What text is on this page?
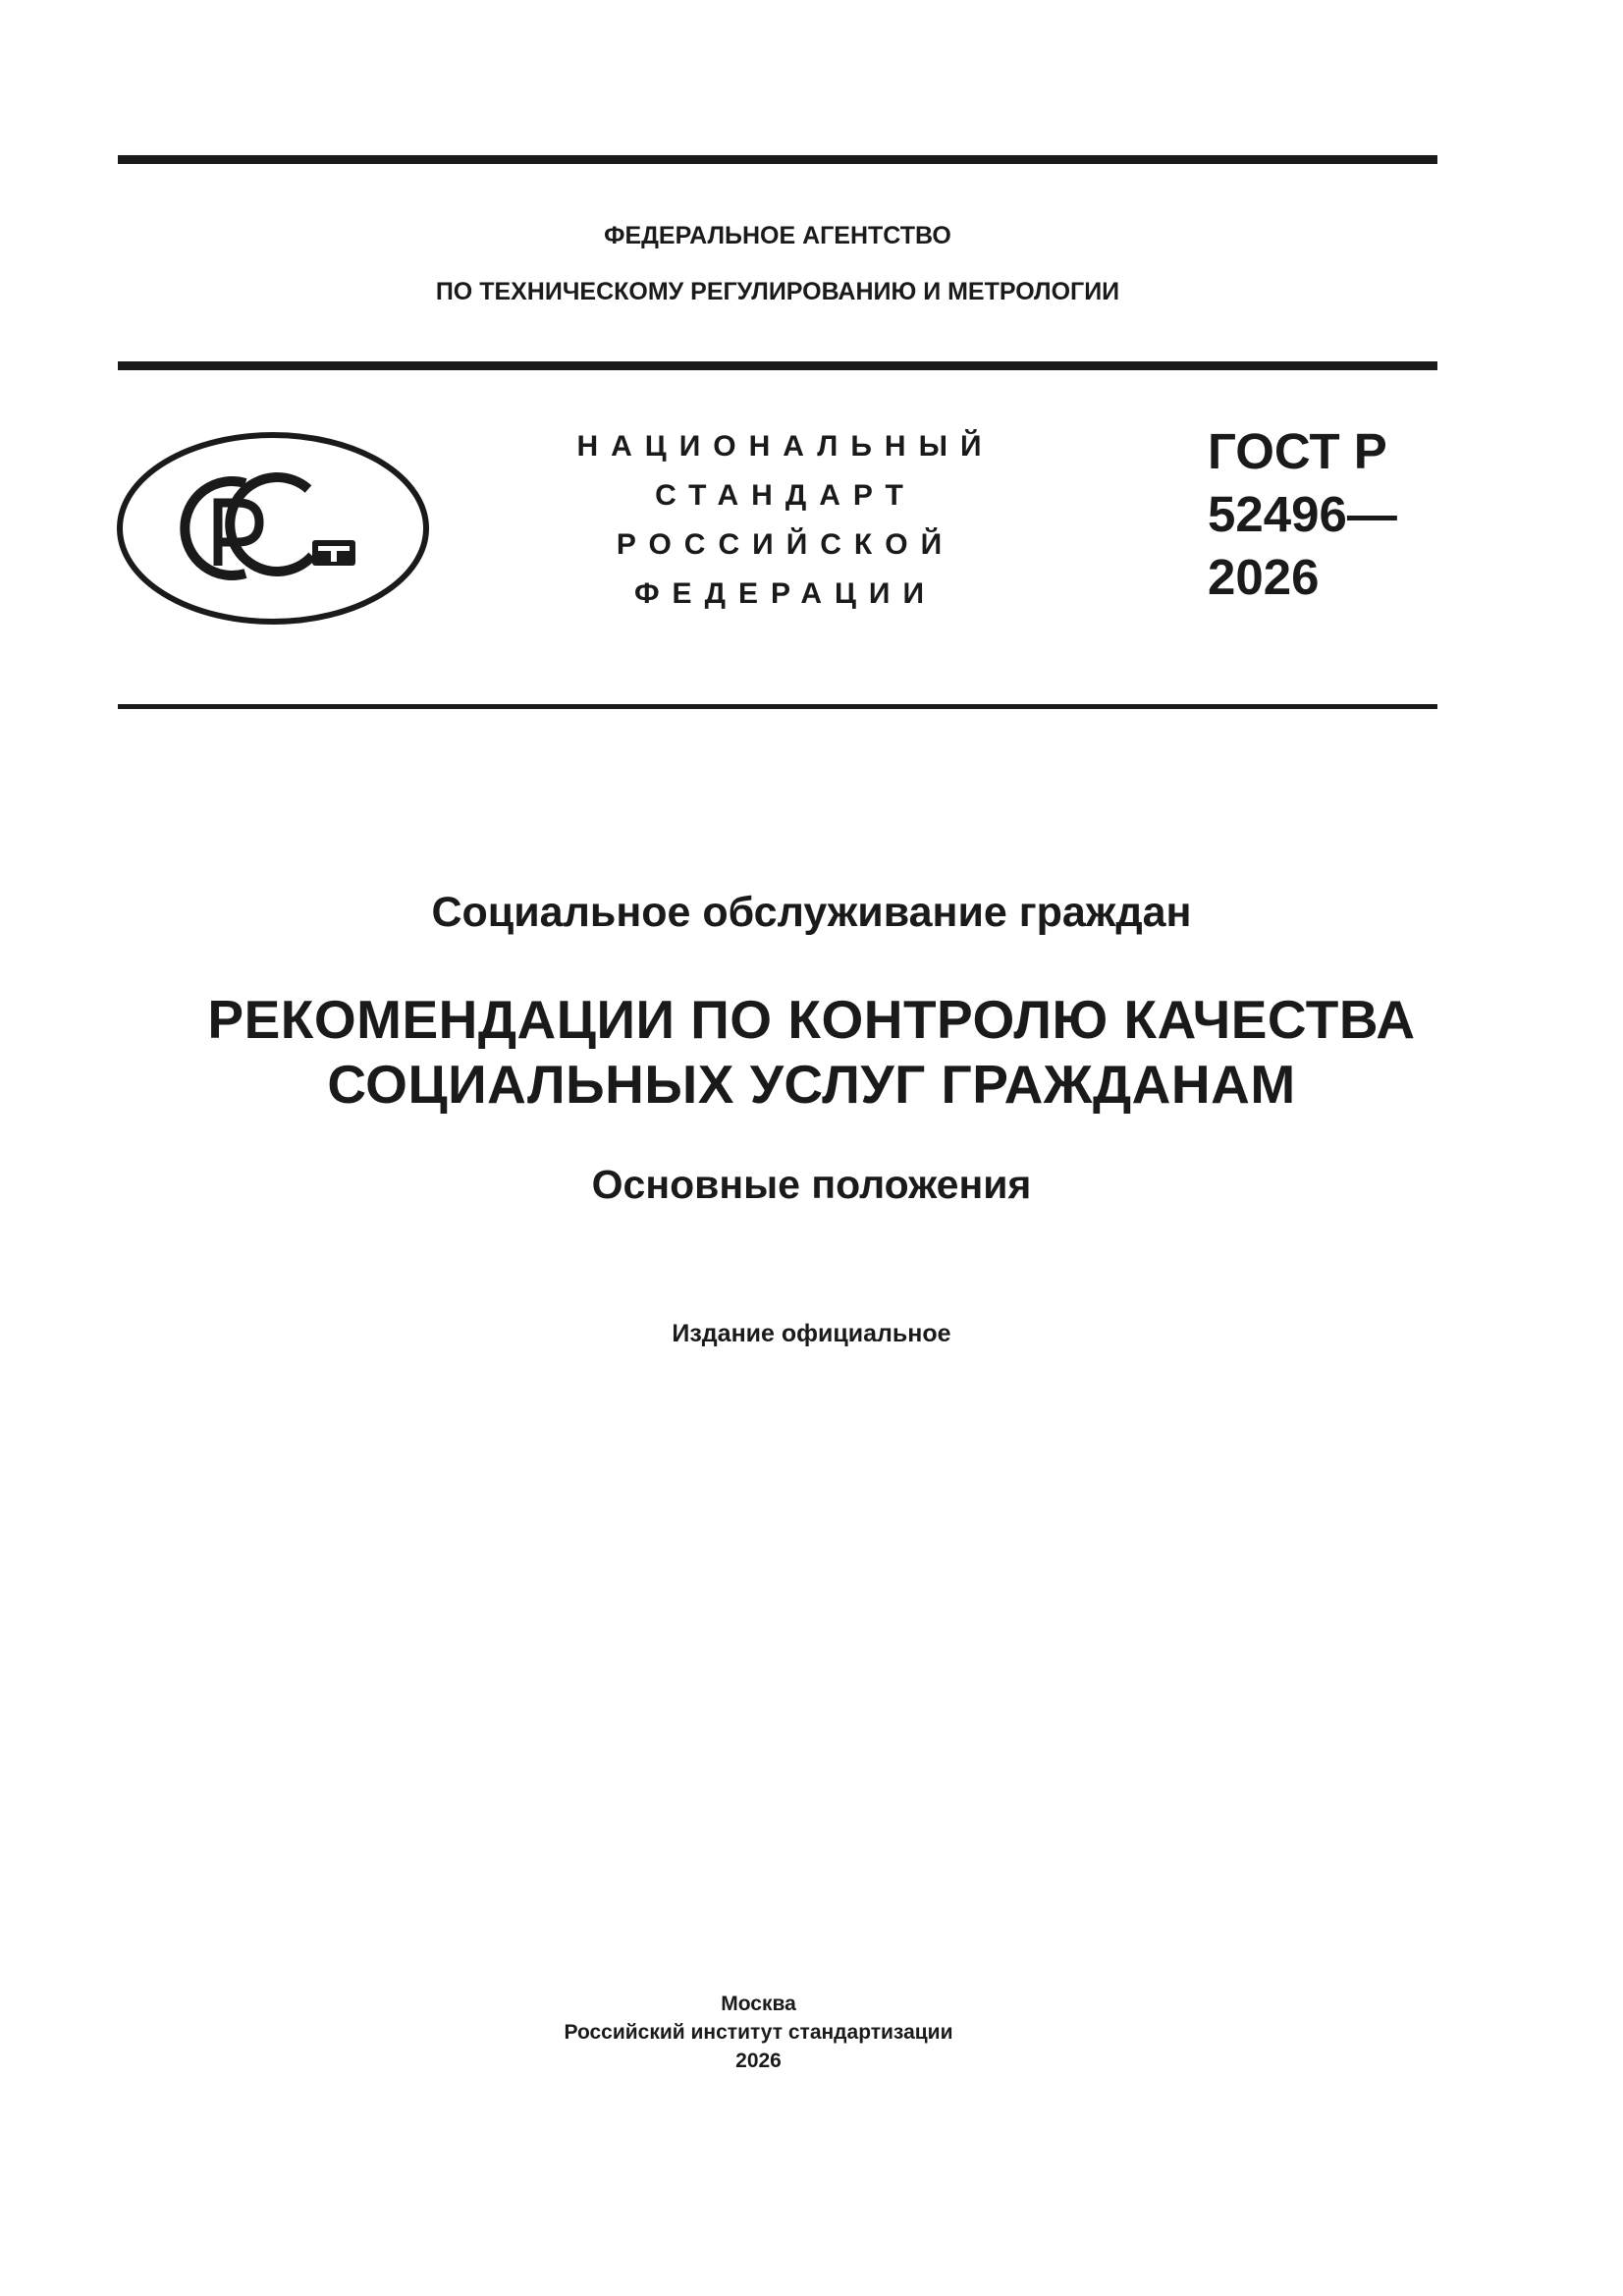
ФЕДЕРАЛЬНОЕ АГЕНТСТВО
ПО ТЕХНИЧЕСКОМУ РЕГУЛИРОВАНИЮ И МЕТРОЛОГИИ
НАЦИОНАЛЬНЫЙ
СТАНДАРТ
РОССИЙСКОЙ
ФЕДЕРАЦИИ
ГОСТ Р
52496—
2026
Социальное обслуживание граждан
РЕКОМЕНДАЦИИ ПО КОНТРОЛЮ КАЧЕСТВА
СОЦИАЛЬНЫХ УСЛУГ ГРАЖДАНАМ
Основные положения
Издание официальное
Москва
Российский институт стандартизации
2026
